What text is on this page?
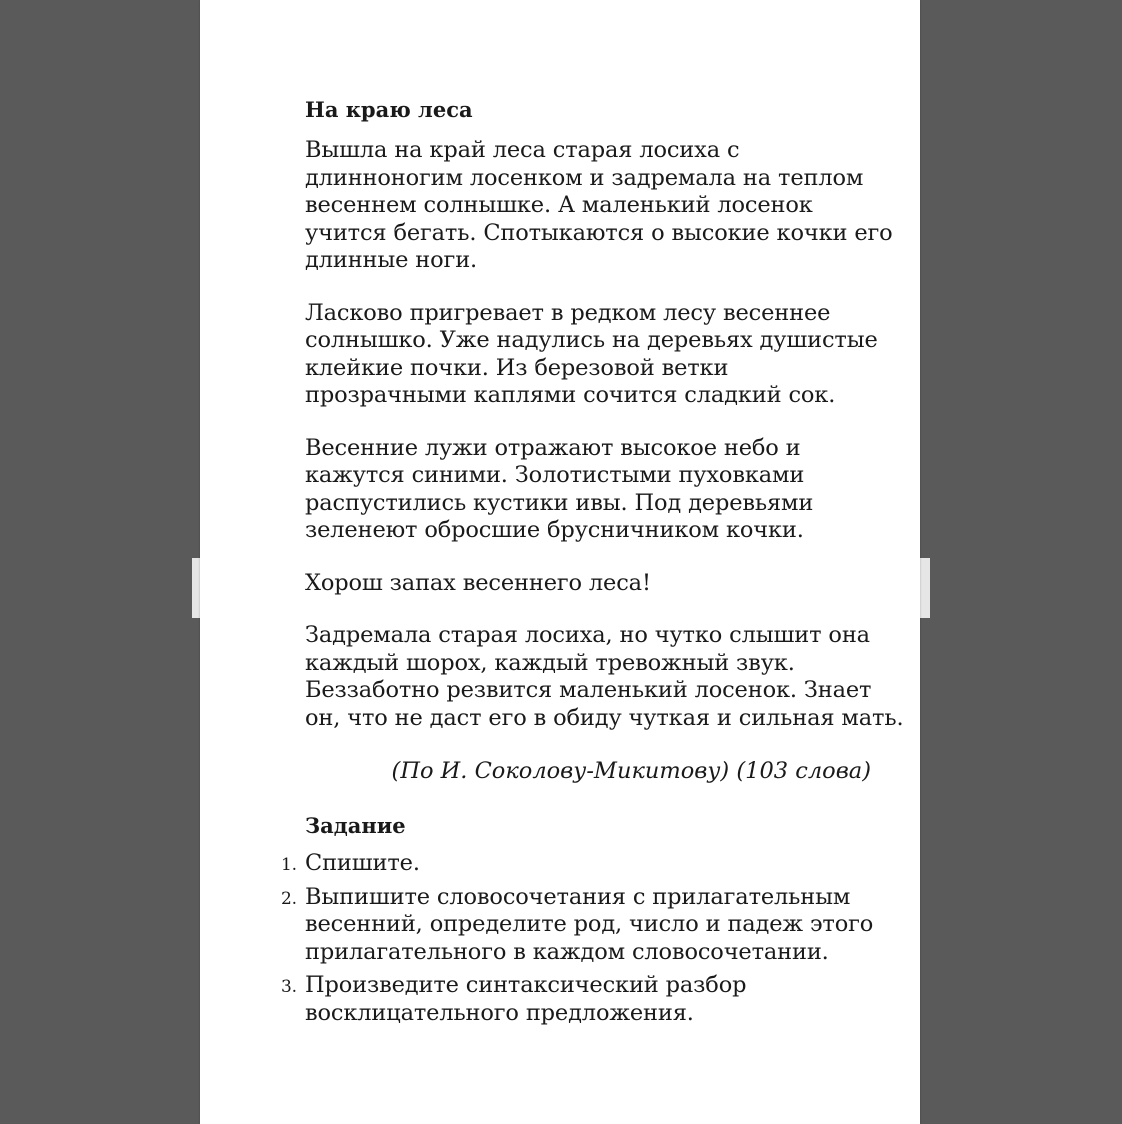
На краю леса
Вышла на край леса старая лосиха с
длинноногим лосенком и задремала на теплом
весеннем солнышке. А маленький лосенок
учится бегать. Спотыкаются о высокие кочки его
длинные ноги.
Ласково пригревает в редком лесу весеннее
солнышко. Уже надулись на деревьях душистые
клейкие почки. Из березовой ветки
прозрачными каплями сочится сладкий сок.
Весенние лужи отражают высокое небо и
кажутся синими. Золотистыми пуховками
распустились кустики ивы. Под деревьями
зеленеют обросшие брусничником кочки.
Хорош запах весеннего леса!
Задремала старая лосиха, но чутко слышит она
каждый шорох, каждый тревожный звук.
Беззаботно резвится маленький лосенок. Знает
он, что не даст его в обиду чуткая и сильная мать.
(По И. Соколову-Микитову) (103 слова)
Задание
1. Спишите.
2. Выпишите словосочетания с прилагательным
весенний, определите род, число и падеж этого
прилагательного в каждом словосочетании.
3. Произведите синтаксический разбор
восклицательного предложения.
